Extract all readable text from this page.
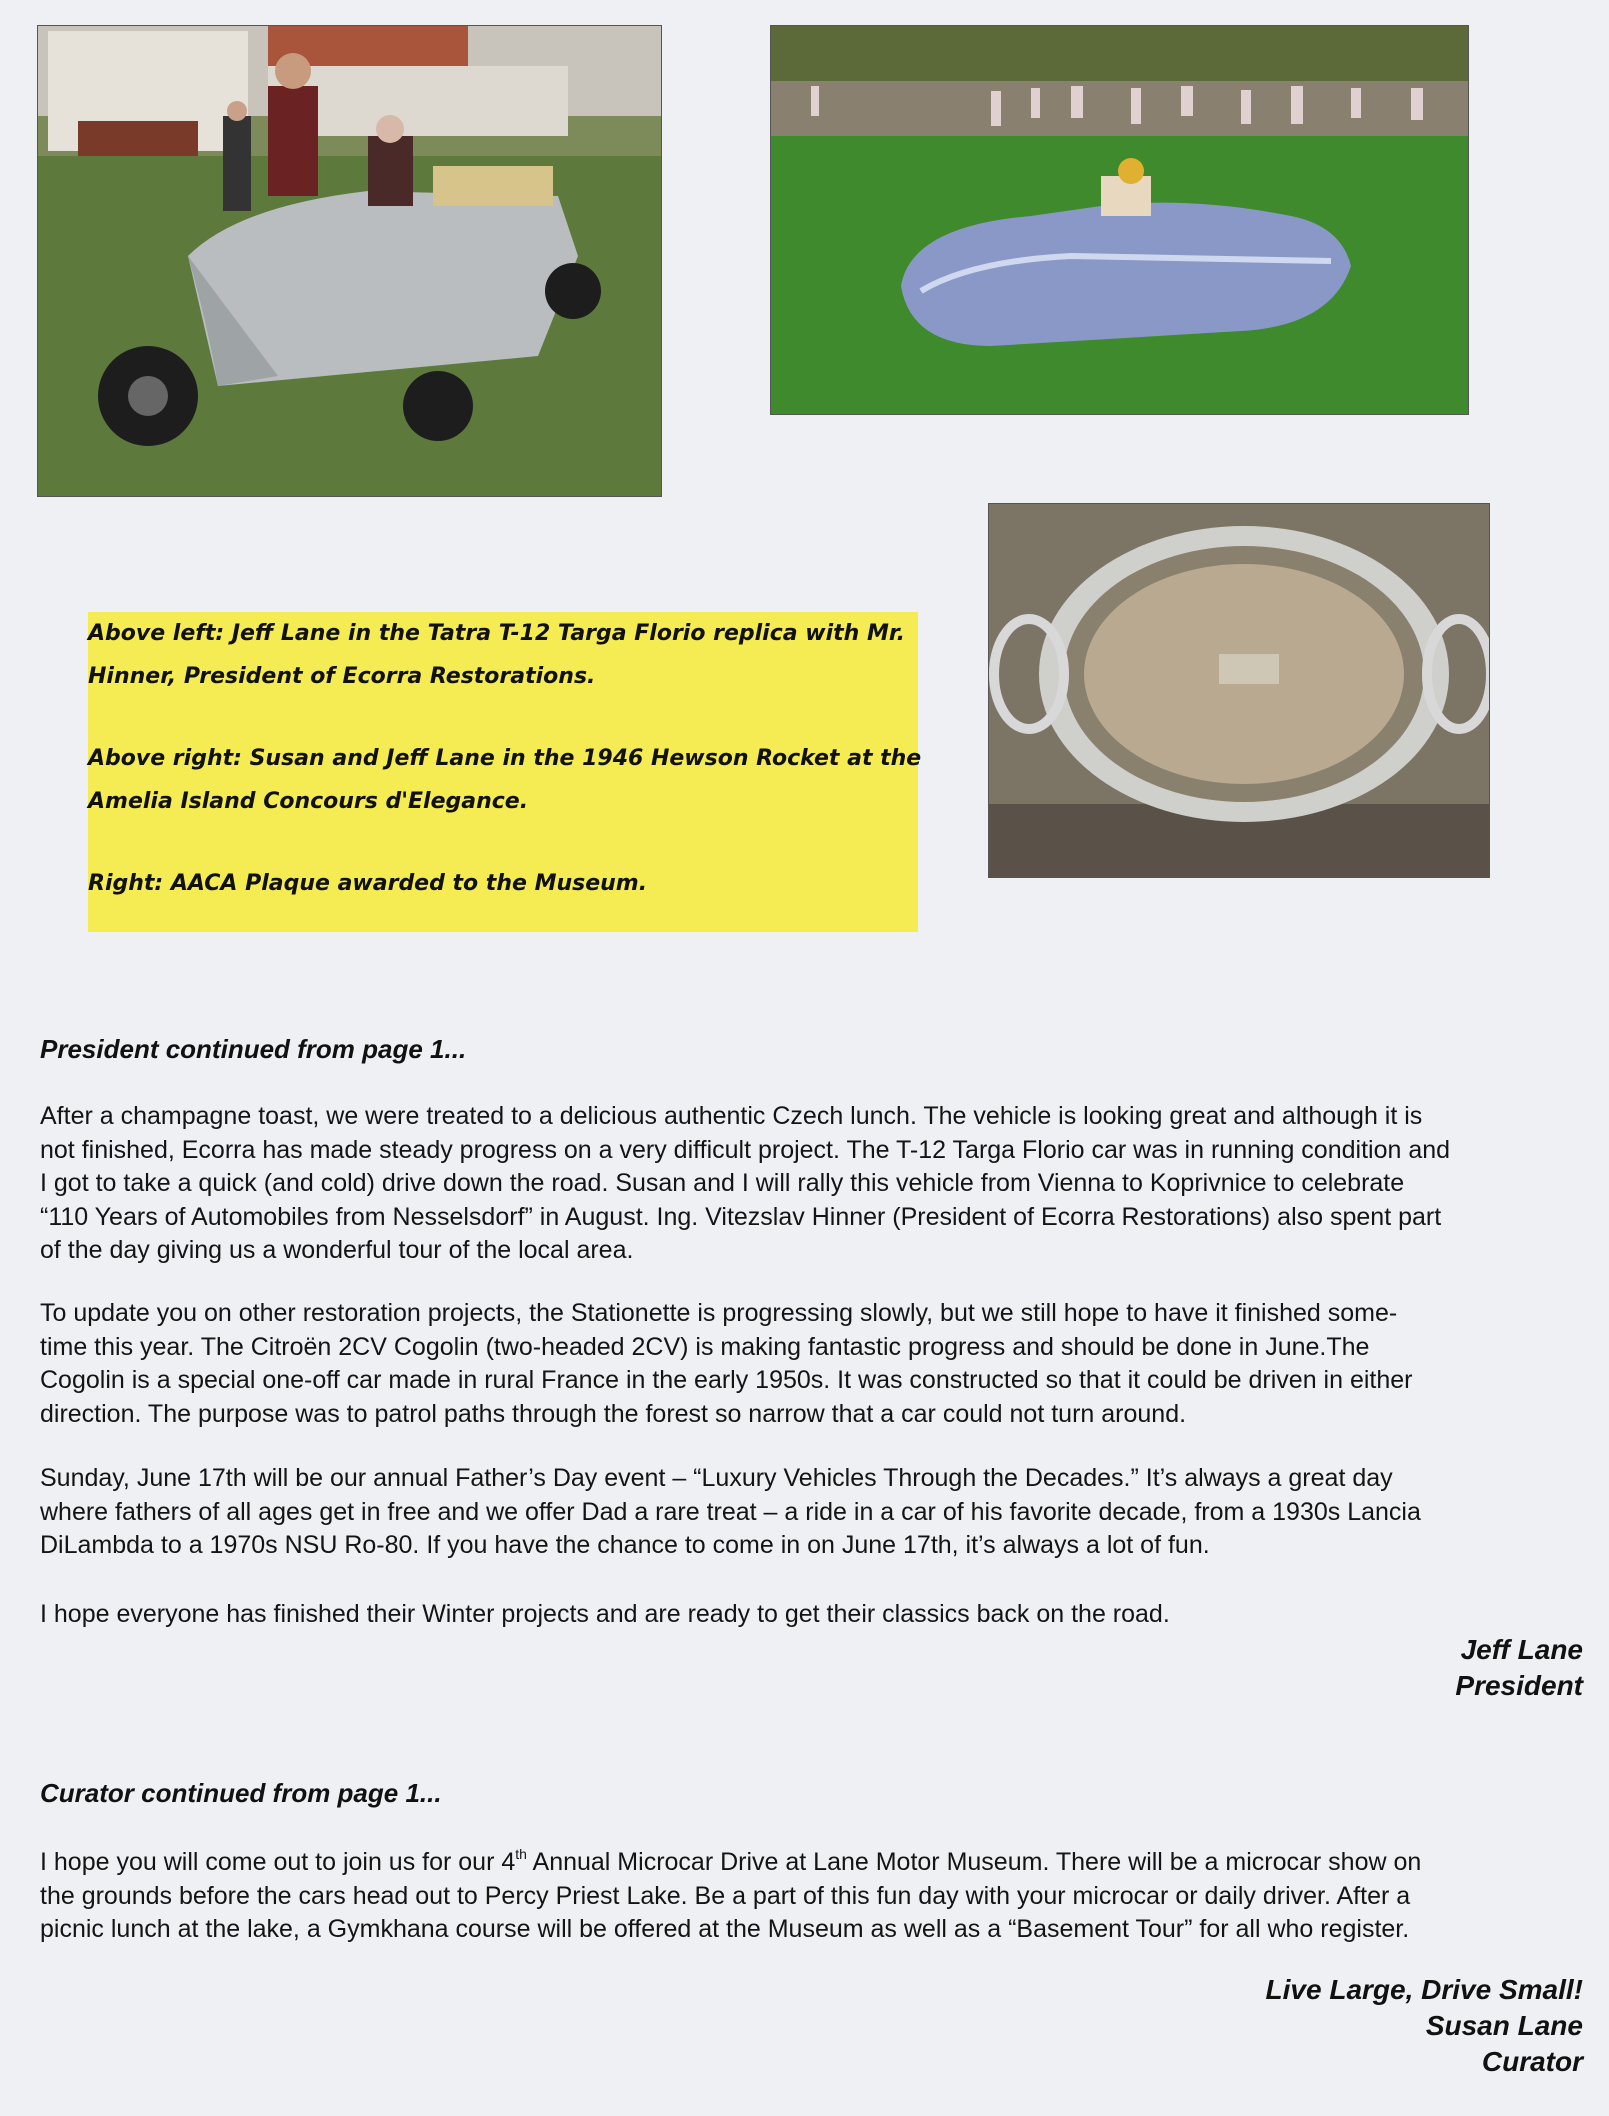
Above left: Jeff Lane in the Tatra T-12 Targa Florio replica with Mr.
Hinner, President of Ecorra Restorations.
Above right: Susan and Jeff Lane in the 1946 Hewson Rocket at the
Amelia Island Concours d'Elegance.
Right: AACA Plaque awarded to the Museum.
President continued from page 1...

After a champagne toast, we were treated to a delicious authentic Czech lunch. The vehicle is looking great and although it is

not finished, Ecorra has made steady progress on a very difficult project. The T-12 Targa Florio car was in running condition and

I got to take a quick (and cold) drive down the road. Susan and I will rally this vehicle from Vienna to Koprivnice to celebrate

“110 Years of Automobiles from Nesselsdorf” in August. Ing. Vitezslav Hinner (President of Ecorra Restorations) also spent part

of the day giving us a wonderful tour of the local area.

To update you on other restoration projects, the Stationette is progressing slowly, but we still hope to have it finished some-

time this year. The Citroën 2CV Cogolin (two-headed 2CV) is making fantastic progress and should be done in June.The

Cogolin is a special one-off car made in rural France in the early 1950s. It was constructed so that it could be driven in either

direction. The purpose was to patrol paths through the forest so narrow that a car could not turn around.

Sunday, June 17th will be our annual Father’s Day event – “Luxury Vehicles Through the Decades.” It’s always a great day

where fathers of all ages get in free and we offer Dad a rare treat – a ride in a car of his favorite decade, from a 1930s Lancia

DiLambda to a 1970s NSU Ro-80. If you have the chance to come in on June 17th, it’s always a lot of fun.

I hope everyone has finished their Winter projects and are ready to get their classics back on the road.

Jeff Lane
President
Curator continued from page 1...

I hope you will come out to join us for our 4th Annual Microcar Drive at Lane Motor Museum. There will be a microcar show on

the grounds before the cars head out to Percy Priest Lake. Be a part of this fun day with your microcar or daily driver. After a

picnic lunch at the lake, a Gymkhana course will be offered at the Museum as well as a “Basement Tour” for all who register.

Live Large, Drive Small!
Susan Lane
Curator
